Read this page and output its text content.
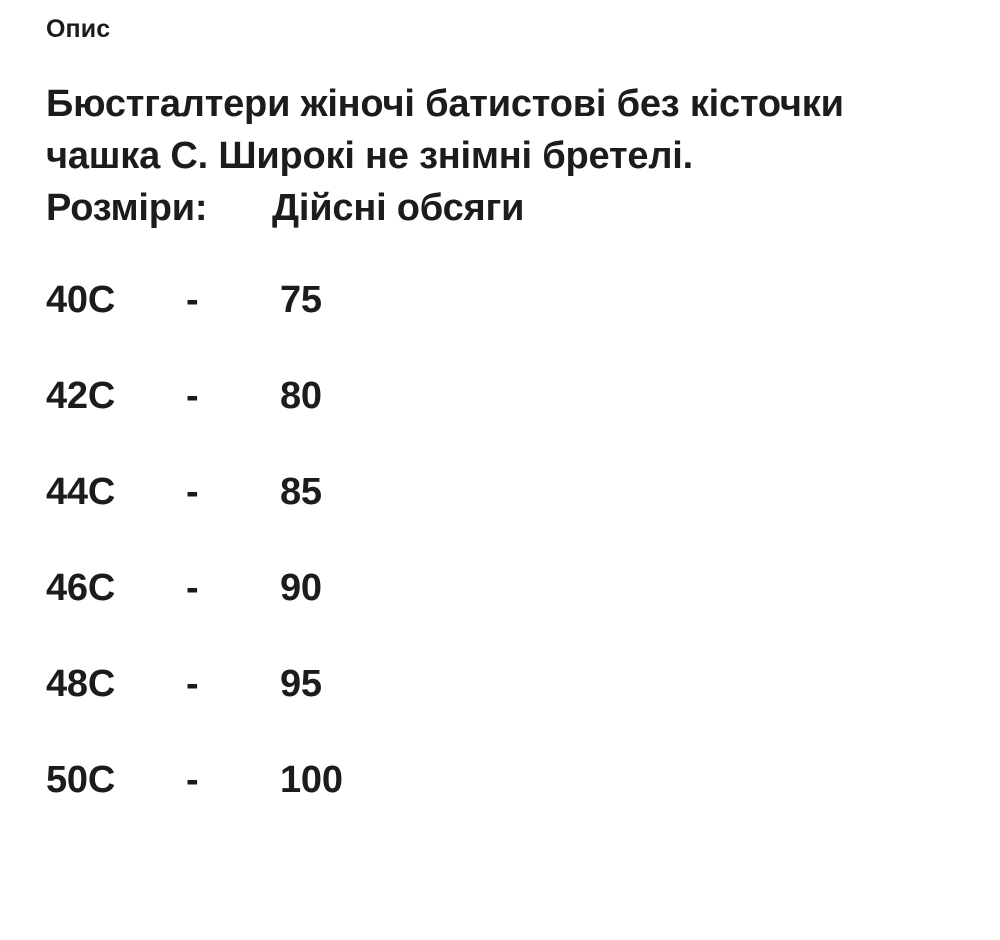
Опис
Бюстгалтери жіночі батистові без кісточки чашка С. Широкі не знімні бретелі.
Розміри: Дійсні обсяги
40С	-	75
42С	-	80
44С	-	85
46С	-	90
48С	-	95
50С	-	100
